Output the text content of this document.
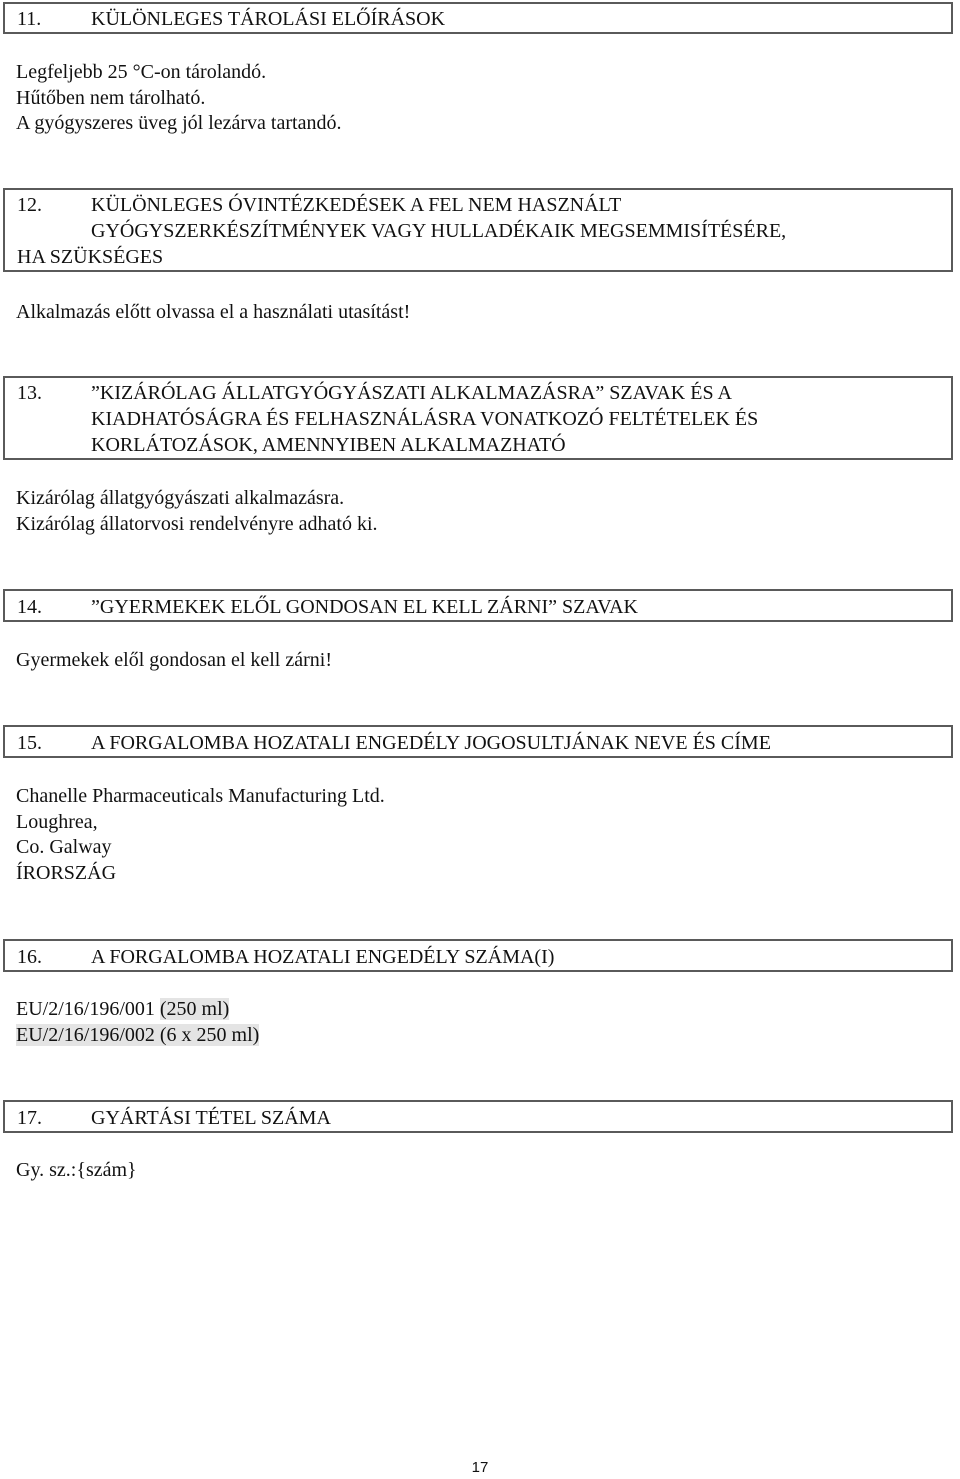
11.	KÜLÖNLEGES TÁROLÁSI ELŐÍRÁSOK
Legfeljebb 25 °C-on tárolandó.
Hűtőben nem tárolható.
A gyógyszeres üveg jól lezárva tartandó.
12.	KÜLÖNLEGES ÓVINTÉZKEDÉSEK A FEL NEM HASZNÁLT
GYÓGYSZERKÉSZÍTMÉNYEK VAGY HULLADÉKAIK MEGSEMMISÍTÉSÉRE,
HA SZÜKSÉGES
Alkalmazás előtt olvassa el a használati utasítást!
13.	”KIZÁRÓLAG ÁLLATGYÓGYÁSZATI ALKALMAZÁSRA” SZAVAK ÉS A
KIADHATÓSÁGRA ÉS FELHASZNÁLÁSRA VONATKOZÓ FELTÉTELEK ÉS
KORLÁTOZÁSOK, AMENNYIBEN ALKALMAZHATÓ
Kizárólag állatgyógyászati alkalmazásra.
Kizárólag állatorvosi rendelvényre adható ki.
14.	”GYERMEKEK ELŐL GONDOSAN EL KELL ZÁRNI” SZAVAK
Gyermekek elől gondosan el kell zárni!
15.	A FORGALOMBA HOZATALI ENGEDÉLY JOGOSULTJÁNAK NEVE ÉS CÍME
Chanelle Pharmaceuticals Manufacturing Ltd.
Loughrea,
Co. Galway
ÍRORSZÁG
16.	A FORGALOMBA HOZATALI ENGEDÉLY SZÁMA(I)
EU/2/16/196/001 (250 ml)
EU/2/16/196/002 (6 x 250 ml)
17.	GYÁRTÁSI TÉTEL SZÁMA
Gy. sz.:{szám}
17
